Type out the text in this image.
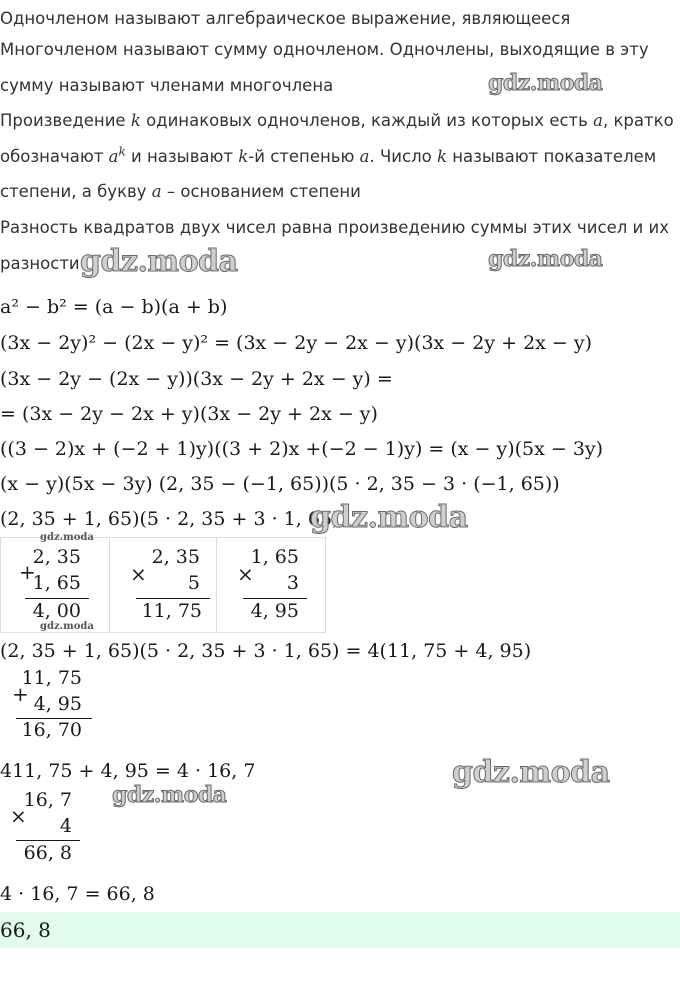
Одночленом называют алгебраическое выражение, являющееся
Многочленом называют сумму одночленом. Одночлены, выходящие в эту
сумму называют членами многочлена
Произведение k одинаковых одночленов, каждый из которых есть a, кратко
обозначают $a^k$ и называют k-й степенью a. Число k называют показателем
степени, а букву a – основанием степени
Разность квадратов двух чисел равна произведению суммы этих чисел и их
разности
a² − b² = (a − b)(a + b)
(3x − 2y)² − (2x − y)² = (3x − 2y − 2x − y)(3x − 2y + 2x − y)
(3x − 2y − (2x − y))(3x − 2y + 2x − y) =
= (3x − 2y − 2x + y)(3x − 2y + 2x − y)
((3 − 2)x + (−2 + 1)y)((3 + 2)x +(−2 − 1)y) = (x − y)(5x − 3y)
(x − y)(5x − 3y) (2, 35 − (−1, 65))(5 · 2, 35 − 3 · (−1, 65))
(2, 35 + 1, 65)(5 · 2, 35 + 3 · 1, 65)
+
2, 35
1, 65
4, 00
×
2, 35
5
11, 75
×
1, 65
3
4, 95
(2, 35 + 1, 65)(5 · 2, 35 + 3 · 1, 65) = 4(11, 75 + 4, 95)
+
11, 75
4, 95
16, 70
411, 75 + 4, 95 = 4 · 16, 7
×
16, 7
4
66, 8
4 · 16, 7 = 66, 8
66, 8
gdz.moda
gdz.moda	gdz.moda
gdz.moda
gdz.moda
gdz.moda
gdz.moda
gdz.moda
